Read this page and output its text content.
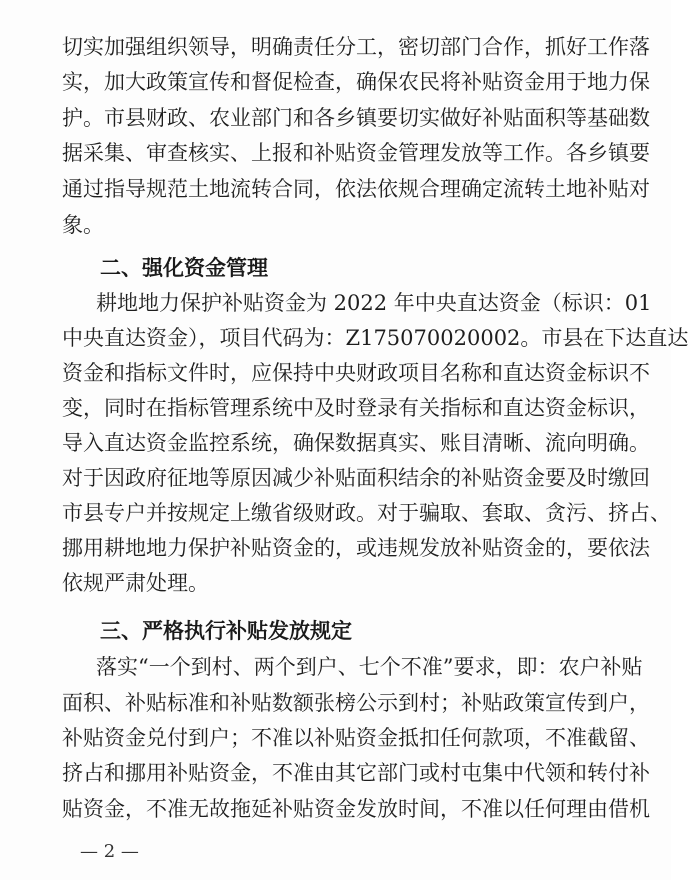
切实加强组织领导，明确责任分工，密切部门合作，抓好工作落
实，加大政策宣传和督促检查，确保农民将补贴资金用于地力保
护。市县财政、农业部门和各乡镇要切实做好补贴面积等基础数
据采集、审查核实、上报和补贴资金管理发放等工作。各乡镇要
通过指导规范土地流转合同，依法依规合理确定流转土地补贴对
象。
二、强化资金管理
耕地地力保护补贴资金为 2022 年中央直达资金（标识：01
中央直达资金），项目代码为：Z175070020002。市县在下达直达
资金和指标文件时，应保持中央财政项目名称和直达资金标识不
变，同时在指标管理系统中及时登录有关指标和直达资金标识，
导入直达资金监控系统，确保数据真实、账目清晰、流向明确。
对于因政府征地等原因减少补贴面积结余的补贴资金要及时缴回
市县专户并按规定上缴省级财政。对于骗取、套取、贪污、挤占、
挪用耕地地力保护补贴资金的，或违规发放补贴资金的，要依法
依规严肃处理。
三、严格执行补贴发放规定
落实“一个到村、两个到户、七个不准”要求，即：农户补贴
面积、补贴标准和补贴数额张榜公示到村；补贴政策宣传到户，
补贴资金兑付到户；不准以补贴资金抵扣任何款项，不准截留、
挤占和挪用补贴资金，不准由其它部门或村屯集中代领和转付补
贴资金，不准无故拖延补贴资金发放时间，不准以任何理由借机
— 2 —
